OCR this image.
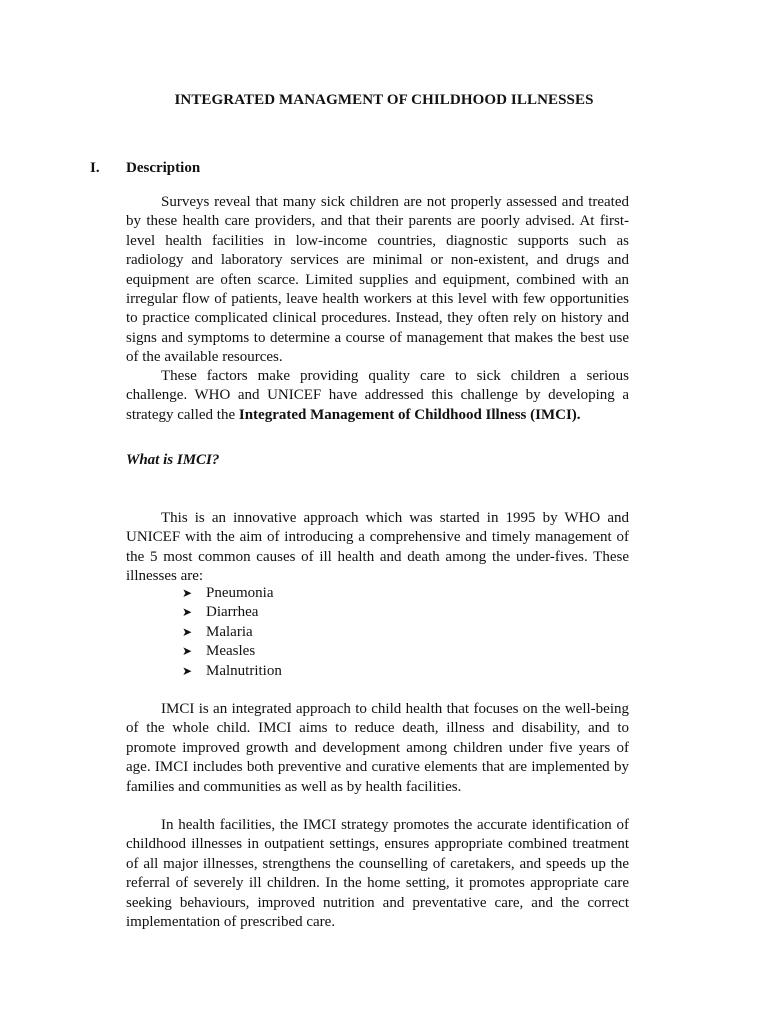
INTEGRATED MANAGMENT OF CHILDHOOD ILLNESSES
I. Description

Surveys reveal that many sick children are not properly assessed and treated by these health care providers, and that their parents are poorly advised. At first-level health facilities in low-income countries, diagnostic supports such as radiology and laboratory services are minimal or non-existent, and drugs and equipment are often scarce. Limited supplies and equipment, combined with an irregular flow of patients, leave health workers at this level with few opportunities to practice complicated clinical procedures. Instead, they often rely on history and signs and symptoms to determine a course of management that makes the best use of the available resources.

These factors make providing quality care to sick children a serious challenge. WHO and UNICEF have addressed this challenge by developing a strategy called the Integrated Management of Childhood Illness (IMCI).

What is IMCI?

This is an innovative approach which was started in 1995 by WHO and UNICEF with the aim of introducing a comprehensive and timely management of the 5 most common causes of ill health and death among the under-fives. These illnesses are:

➤ Pneumonia
➤ Diarrhea
➤ Malaria
➤ Measles
➤ Malnutrition

IMCI is an integrated approach to child health that focuses on the well-being of the whole child. IMCI aims to reduce death, illness and disability, and to promote improved growth and development among children under five years of age. IMCI includes both preventive and curative elements that are implemented by families and communities as well as by health facilities.

In health facilities, the IMCI strategy promotes the accurate identification of childhood illnesses in outpatient settings, ensures appropriate combined treatment of all major illnesses, strengthens the counselling of caretakers, and speeds up the referral of severely ill children. In the home setting, it promotes appropriate care seeking behaviours, improved nutrition and preventative care, and the correct implementation of prescribed care.
